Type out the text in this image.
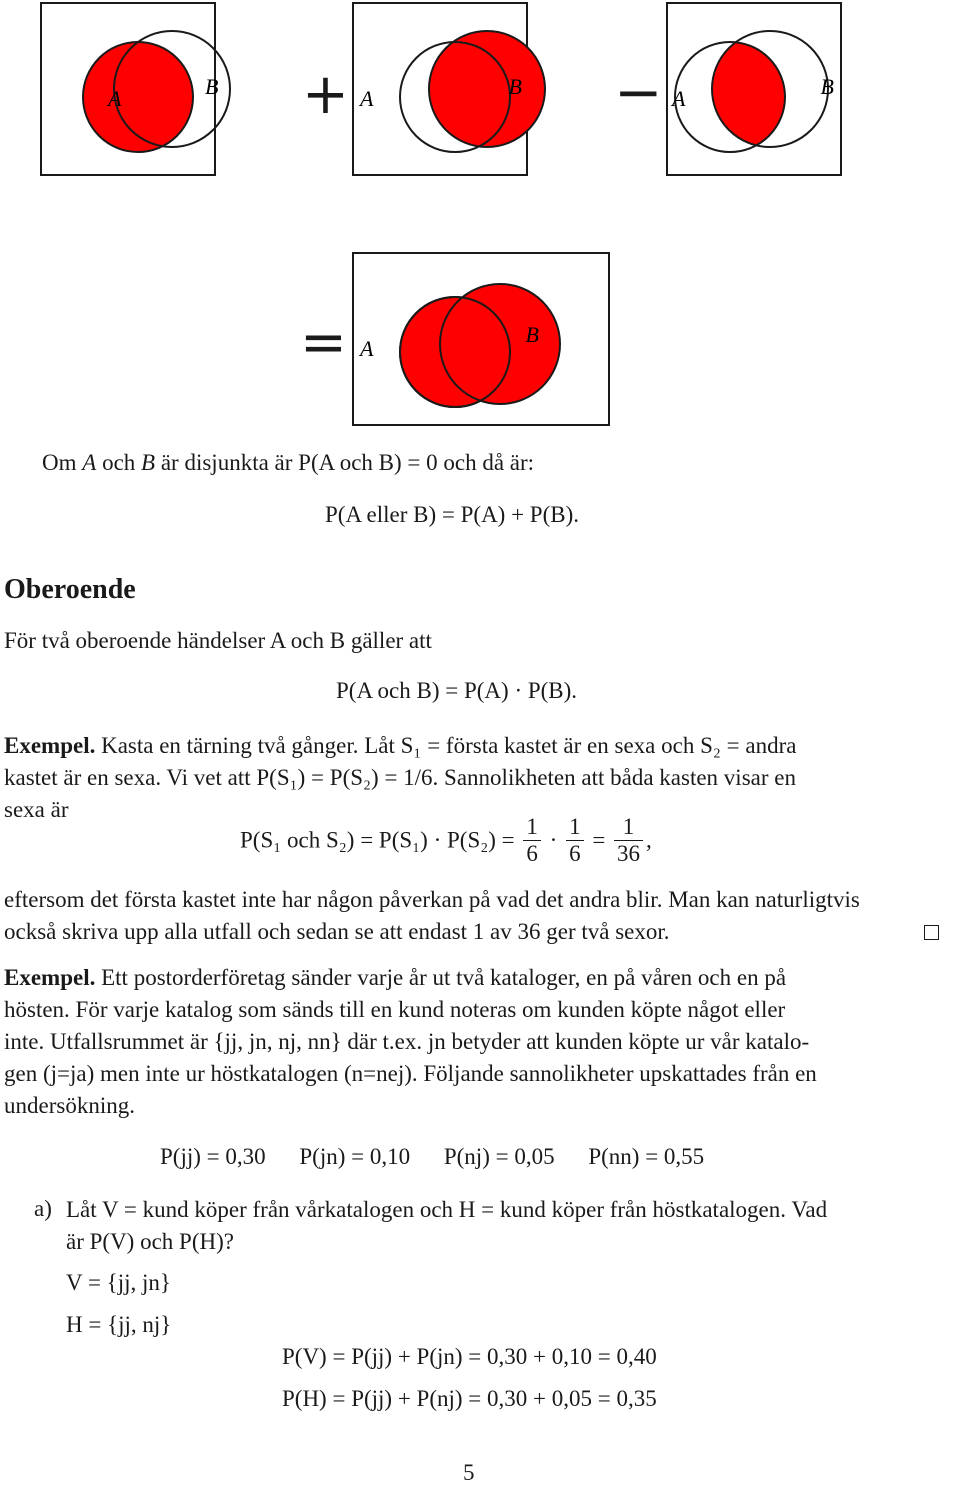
A	B + A	B − A	B
= A
B
Om A och B är disjunkta är P(A och B) = 0 och då är:
P(A eller B) = P(A) + P(B).
Oberoende
För två oberoende händelser A och B gäller att
P(A och B) = P(A) · P(B).
Exempel. Kasta en tärning två gånger. Låt S₁ = första kastet är en sexa och S₂ = andra
kastet är en sexa. Vi vet att P(S₁) = P(S₂) = 1/6. Sannolikheten att båda kasten visar en
sexa är
P(S₁ och $S_2) = P(S_1) \cdot P(S_2) = \frac{1}{6} \cdot \frac{1}{6} = \frac{1}{36}$ ,
eftersom det första kastet inte har någon påverkan på vad det andra blir. Man kan naturligtvis
också skriva upp alla utfall och sedan se att endast 1 av 36 ger två sexor.
Exempel. Ett postorderföretag sänder varje år ut två kataloger, en på våren och en på
hösten. För varje katalog som sänds till en kund noteras om kunden köpte något eller
inte. Utfallsrummet är {jj, jn, nj, nn} där t.ex. jn betyder att kunden köpte ur vår katalo-
gen (j=ja) men inte ur höstkatalogen (n=nej). Följande sannolikheter upskattades från en
undersökning.
P(jj) = 0,30 P(jn) = 0,10 P(nj) = 0,05 P(nn) = 0,55
a) Låt V = kund köper från vårkatalogen och H = kund köper från höstkatalogen. Vad
är P(V) och P(H)?
V = {jj, jn}
H = {jj, nj}
P(V) = P(jj) + P(jn) = 0,30 + 0,10 = 0,40
P(H) = P(jj) + P(nj) = 0,30 + 0,05 = 0,35
5
